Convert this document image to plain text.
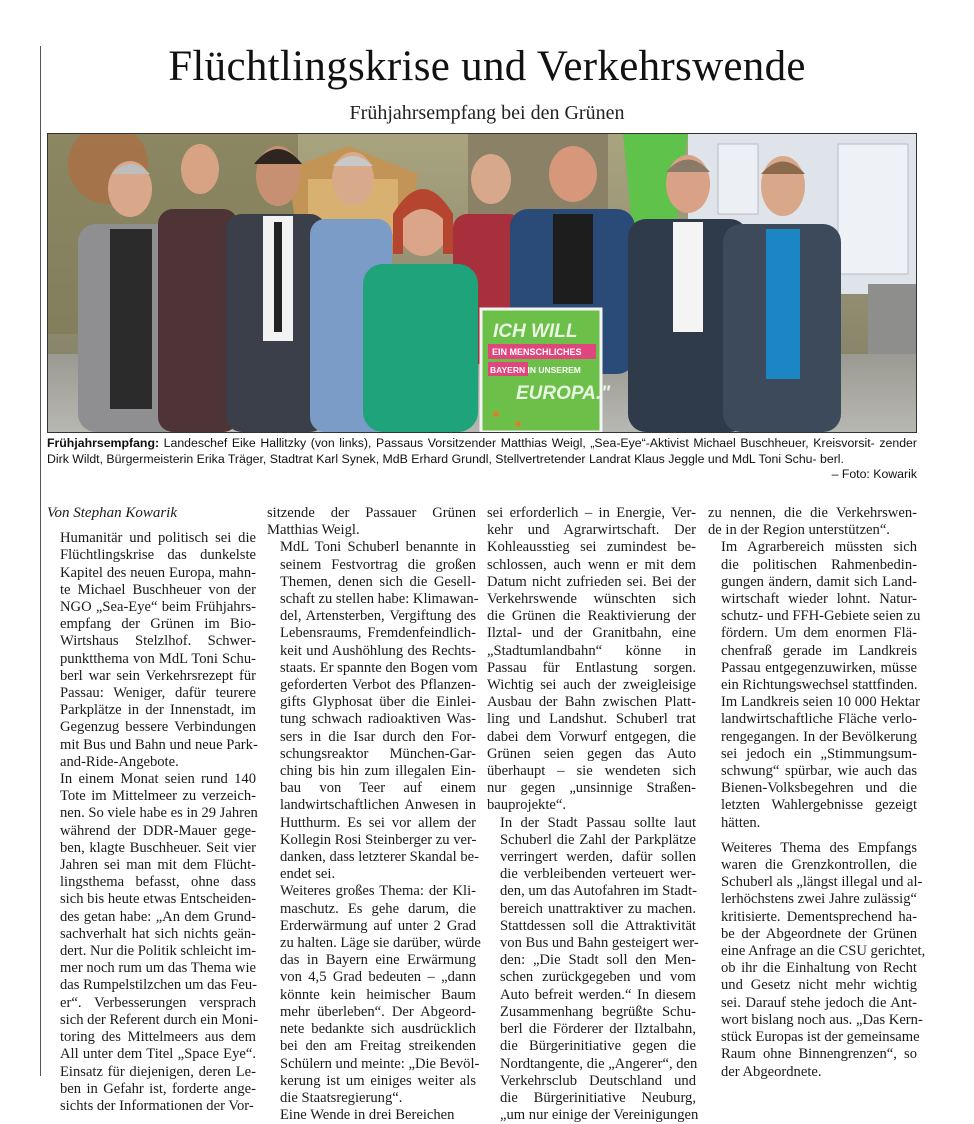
Flüchtlingskrise und Verkehrswende
Frühjahrsempfang bei den Grünen
ICH WILL
EIN MENSCHLICHES
BAYERN IN UNSEREM
EUROPA."
Frühjahrsempfang: Landeschef Eike Hallitzky (von links), Passaus Vorsitzender Matthias Weigl, „Sea-Eye“-Aktivist Michael Buschheuer, Kreisvorsit- zender Dirk Wildt, Bürgermeisterin Erika Träger, Stadtrat Karl Synek, MdB Erhard Grundl, Stellvertretender Landrat Klaus Jeggle und MdL Toni Schu- berl.
– Foto: Kowarik
Von Stephan Kowarik

Humanitär und politisch sei die
Flüchtlingskrise das dunkelste
Kapitel des neuen Europa, mahn-
te Michael Buschheuer von der
NGO „Sea-Eye“ beim Frühjahrs-
empfang der Grünen im Bio-
Wirtshaus Stelzlhof. Schwer-
punktthema von MdL Toni Schu-
berl war sein Verkehrsrezept für
Passau: Weniger, dafür teurere
Parkplätze in der Innenstadt, im
Gegenzug bessere Verbindungen
mit Bus und Bahn und neue Park-
and-Ride-Angebote.

In einem Monat seien rund 140
Tote im Mittelmeer zu verzeich-
nen. So viele habe es in 29 Jahren
während der DDR-Mauer gege-
ben, klagte Buschheuer. Seit vier
Jahren sei man mit dem Flücht-
lingsthema befasst, ohne dass
sich bis heute etwas Entscheiden-
des getan habe: „An dem Grund-
sachverhalt hat sich nichts geän-
dert. Nur die Politik schleicht im-
mer noch rum um das Thema wie
das Rumpelstilzchen um das Feu-
er“. Verbesserungen versprach
sich der Referent durch ein Moni-
toring des Mittelmeers aus dem
All unter dem Titel „Space Eye“.
Einsatz für diejenigen, deren Le-
ben in Gefahr ist, forderte ange-
sichts der Informationen der Vor-

sitzende der Passauer Grünen
Matthias Weigl.

MdL Toni Schuberl benannte in
seinem Festvortrag die großen
Themen, denen sich die Gesell-
schaft zu stellen habe: Klimawan-
del, Artensterben, Vergiftung des
Lebensraums, Fremdenfeindlich-
keit und Aushöhlung des Rechts-
staats. Er spannte den Bogen vom
geforderten Verbot des Pflanzen-
gifts Glyphosat über die Einlei-
tung schwach radioaktiven Was-
sers in die Isar durch den For-
schungsreaktor München-Gar-
ching bis hin zum illegalen Ein-
bau von Teer auf einem
landwirtschaftlichen Anwesen in
Hutthurm. Es sei vor allem der
Kollegin Rosi Steinberger zu ver-
danken, dass letzterer Skandal be-
endet sei.

Weiteres großes Thema: der Kli-
maschutz. Es gehe darum, die
Erderwärmung auf unter 2 Grad
zu halten. Läge sie darüber, würde
das in Bayern eine Erwärmung
von 4,5 Grad bedeuten – „dann
könnte kein heimischer Baum
mehr überleben“. Der Abgeord-
nete bedankte sich ausdrücklich
bei den am Freitag streikenden
Schülern und meinte: „Die Bevöl-
kerung ist um einiges weiter als
die Staatsregierung“.

Eine Wende in drei Bereichen

sei erforderlich – in Energie, Ver-
kehr und Agrarwirtschaft. Der
Kohleausstieg sei zumindest be-
schlossen, auch wenn er mit dem
Datum nicht zufrieden sei. Bei der
Verkehrswende wünschten sich
die Grünen die Reaktivierung der
Ilztal- und der Granitbahn, eine
„Stadtumlandbahn“ könne in
Passau für Entlastung sorgen.
Wichtig sei auch der zweigleisige
Ausbau der Bahn zwischen Platt-
ling und Landshut. Schuberl trat
dabei dem Vorwurf entgegen, die
Grünen seien gegen das Auto
überhaupt – sie wendeten sich
nur gegen „unsinnige Straßen-
bauprojekte“.

In der Stadt Passau sollte laut
Schuberl die Zahl der Parkplätze
verringert werden, dafür sollen
die verbleibenden verteuert wer-
den, um das Autofahren im Stadt-
bereich unattraktiver zu machen.
Stattdessen soll die Attraktivität
von Bus und Bahn gesteigert wer-
den: „Die Stadt soll den Men-
schen zurückgegeben und vom
Auto befreit werden.“ In diesem
Zusammenhang begrüßte Schu-
berl die Förderer der Ilztalbahn,
die Bürgerinitiative gegen die
Nordtangente, die „Angerer“, den
Verkehrsclub Deutschland und
die Bürgerinitiative Neuburg,
„um nur einige der Vereinigungen

zu nennen, die die Verkehrswen-
de in der Region unterstützen“.

Im Agrarbereich müssten sich
die politischen Rahmenbedin-
gungen ändern, damit sich Land-
wirtschaft wieder lohnt. Natur-
schutz- und FFH-Gebiete seien zu
fördern. Um dem enormen Flä-
chenfraß gerade im Landkreis
Passau entgegenzuwirken, müsse
ein Richtungswechsel stattfinden.
Im Landkreis seien 10 000 Hektar
landwirtschaftliche Fläche verlo-
rengegangen. In der Bevölkerung
sei jedoch ein „Stimmungsum-
schwung“ spürbar, wie auch das
Bienen-Volksbegehren und die
letzten Wahlergebnisse gezeigt
hätten.

Weiteres Thema des Empfangs
waren die Grenzkontrollen, die
Schuberl als „längst illegal und al-
lerhöchstens zwei Jahre zulässig“
kritisierte. Dementsprechend ha-
be der Abgeordnete der Grünen
eine Anfrage an die CSU gerichtet,
ob ihr die Einhaltung von Recht
und Gesetz nicht mehr wichtig
sei. Darauf stehe jedoch die Ant-
wort bislang noch aus. „Das Kern-
stück Europas ist der gemeinsame
Raum ohne Binnengrenzen“, so
der Abgeordnete.
